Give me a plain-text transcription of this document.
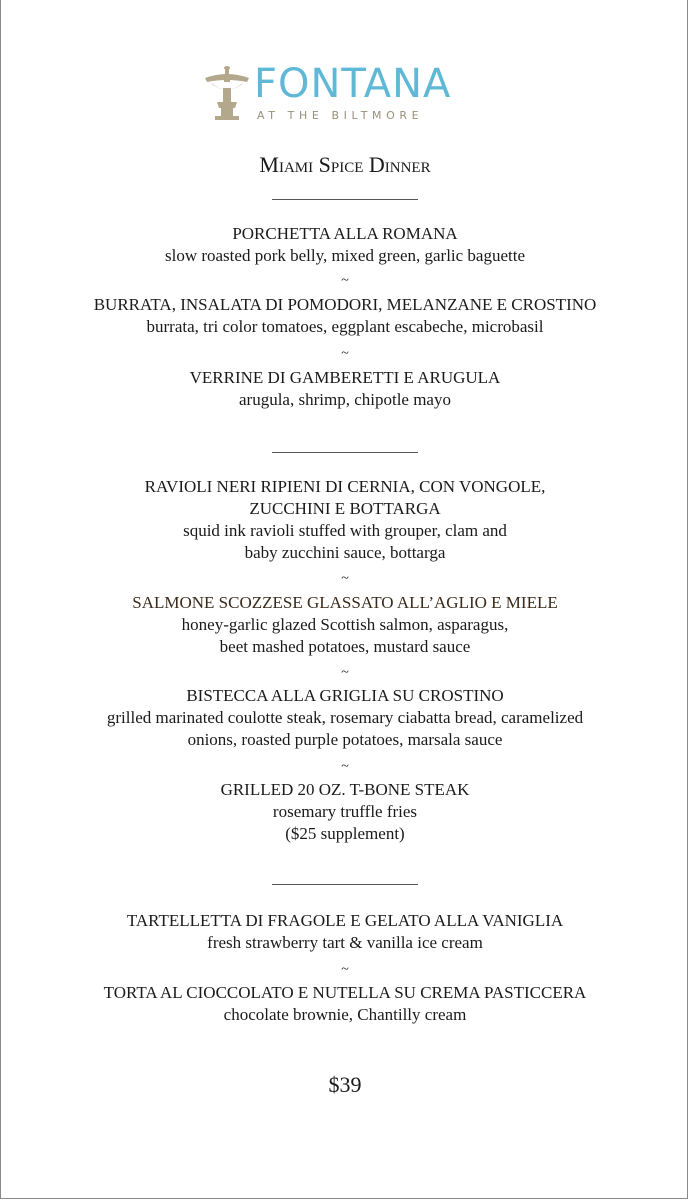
FONTANA
AT THE BILTMORE
Miami Spice Dinner
PORCHETTA ALLA ROMANA
slow roasted pork belly, mixed green, garlic baguette
~
BURRATA, INSALATA DI POMODORI, MELANZANE E CROSTINO
burrata, tri color tomatoes, eggplant escabeche, microbasil
~
VERRINE DI GAMBERETTI E ARUGULA
arugula, shrimp, chipotle mayo
RAVIOLI NERI RIPIENI DI CERNIA, CON VONGOLE,
ZUCCHINI E BOTTARGA
squid ink ravioli stuffed with grouper, clam and
baby zucchini sauce, bottarga
~
SALMONE SCOZZESE GLASSATO ALL’AGLIO E MIELE
honey-garlic glazed Scottish salmon, asparagus,
beet mashed potatoes, mustard sauce
~
BISTECCA ALLA GRIGLIA SU CROSTINO
grilled marinated coulotte steak, rosemary ciabatta bread, caramelized
onions, roasted purple potatoes, marsala sauce
~
GRILLED 20 OZ. T-BONE STEAK
rosemary truffle fries
($25 supplement)
TARTELLETTA DI FRAGOLE E GELATO ALLA VANIGLIA
fresh strawberry tart & vanilla ice cream
~
TORTA AL CIOCCOLATO E NUTELLA SU CREMA PASTICCERA
chocolate brownie, Chantilly cream
$39
